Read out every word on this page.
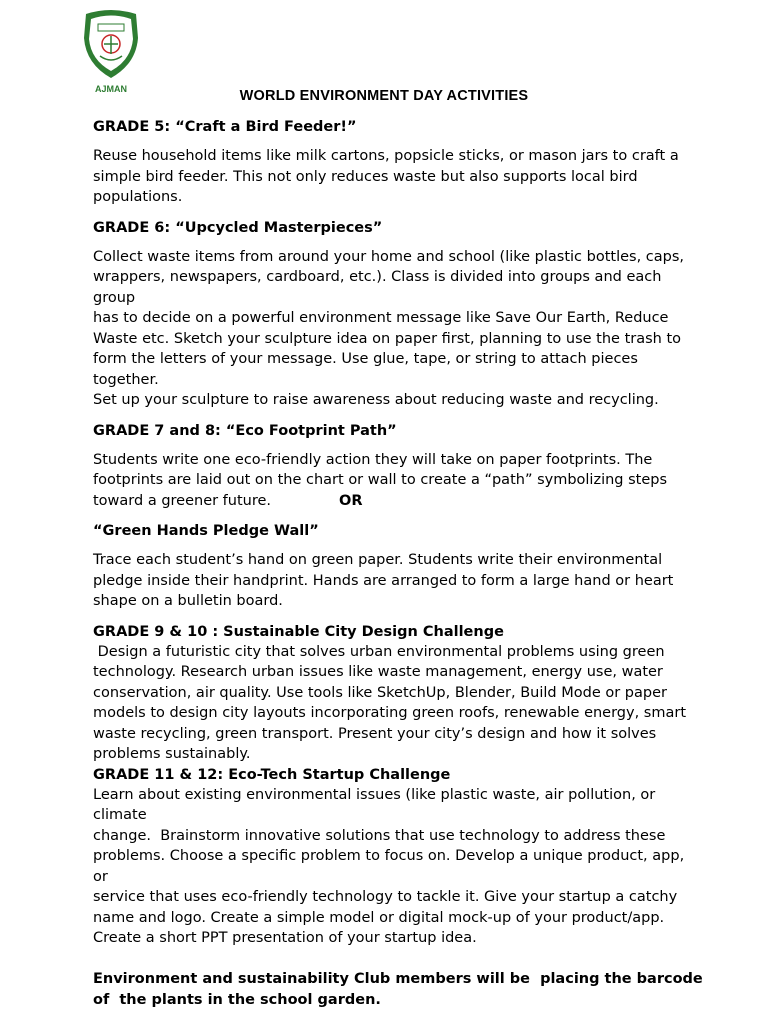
AJMAN	WORLD ENVIRONMENT DAY ACTIVITIES

GRADE 5: “Craft a Bird Feeder!”

Reuse household items like milk cartons, popsicle sticks, or mason jars to craft a

simple bird feeder. This not only reduces waste but also supports local bird

populations.

GRADE 6: “Upcycled Masterpieces”

Collect waste items from around your home and school (like plastic bottles, caps,

wrappers, newspapers, cardboard, etc.). Class is divided into groups and each group

has to decide on a powerful environment message like Save Our Earth, Reduce

Waste etc. Sketch your sculpture idea on paper first, planning to use the trash to

form the letters of your message. Use glue, tape, or string to attach pieces together.

Set up your sculpture to raise awareness about reducing waste and recycling.

GRADE 7 and 8: “Eco Footprint Path”

Students write one eco-friendly action they will take on paper footprints. The

footprints are laid out on the chart or wall to create a “path” symbolizing steps

toward a greener future.	OR

“Green Hands Pledge Wall”

Trace each student’s hand on green paper. Students write their environmental

pledge inside their handprint. Hands are arranged to form a large hand or heart

shape on a bulletin board.

GRADE 9 & 10 : Sustainable City Design Challenge

Design a futuristic city that solves urban environmental problems using green

technology. Research urban issues like waste management, energy use, water

conservation, air quality. Use tools like SketchUp, Blender, Build Mode or paper

models to design city layouts incorporating green roofs, renewable energy, smart

waste recycling, green transport. Present your city’s design and how it solves

problems sustainably.

GRADE 11 & 12: Eco-Tech Startup Challenge

Learn about existing environmental issues (like plastic waste, air pollution, or climate

change.  Brainstorm innovative solutions that use technology to address these

problems. Choose a specific problem to focus on. Develop a unique product, app, or

service that uses eco-friendly technology to tackle it. Give your startup a catchy

name and logo. Create a simple model or digital mock-up of your product/app.

Create a short PPT presentation of your startup idea.

Environment and sustainability Club members will be  placing the barcode

of  the plants in the school garden.
